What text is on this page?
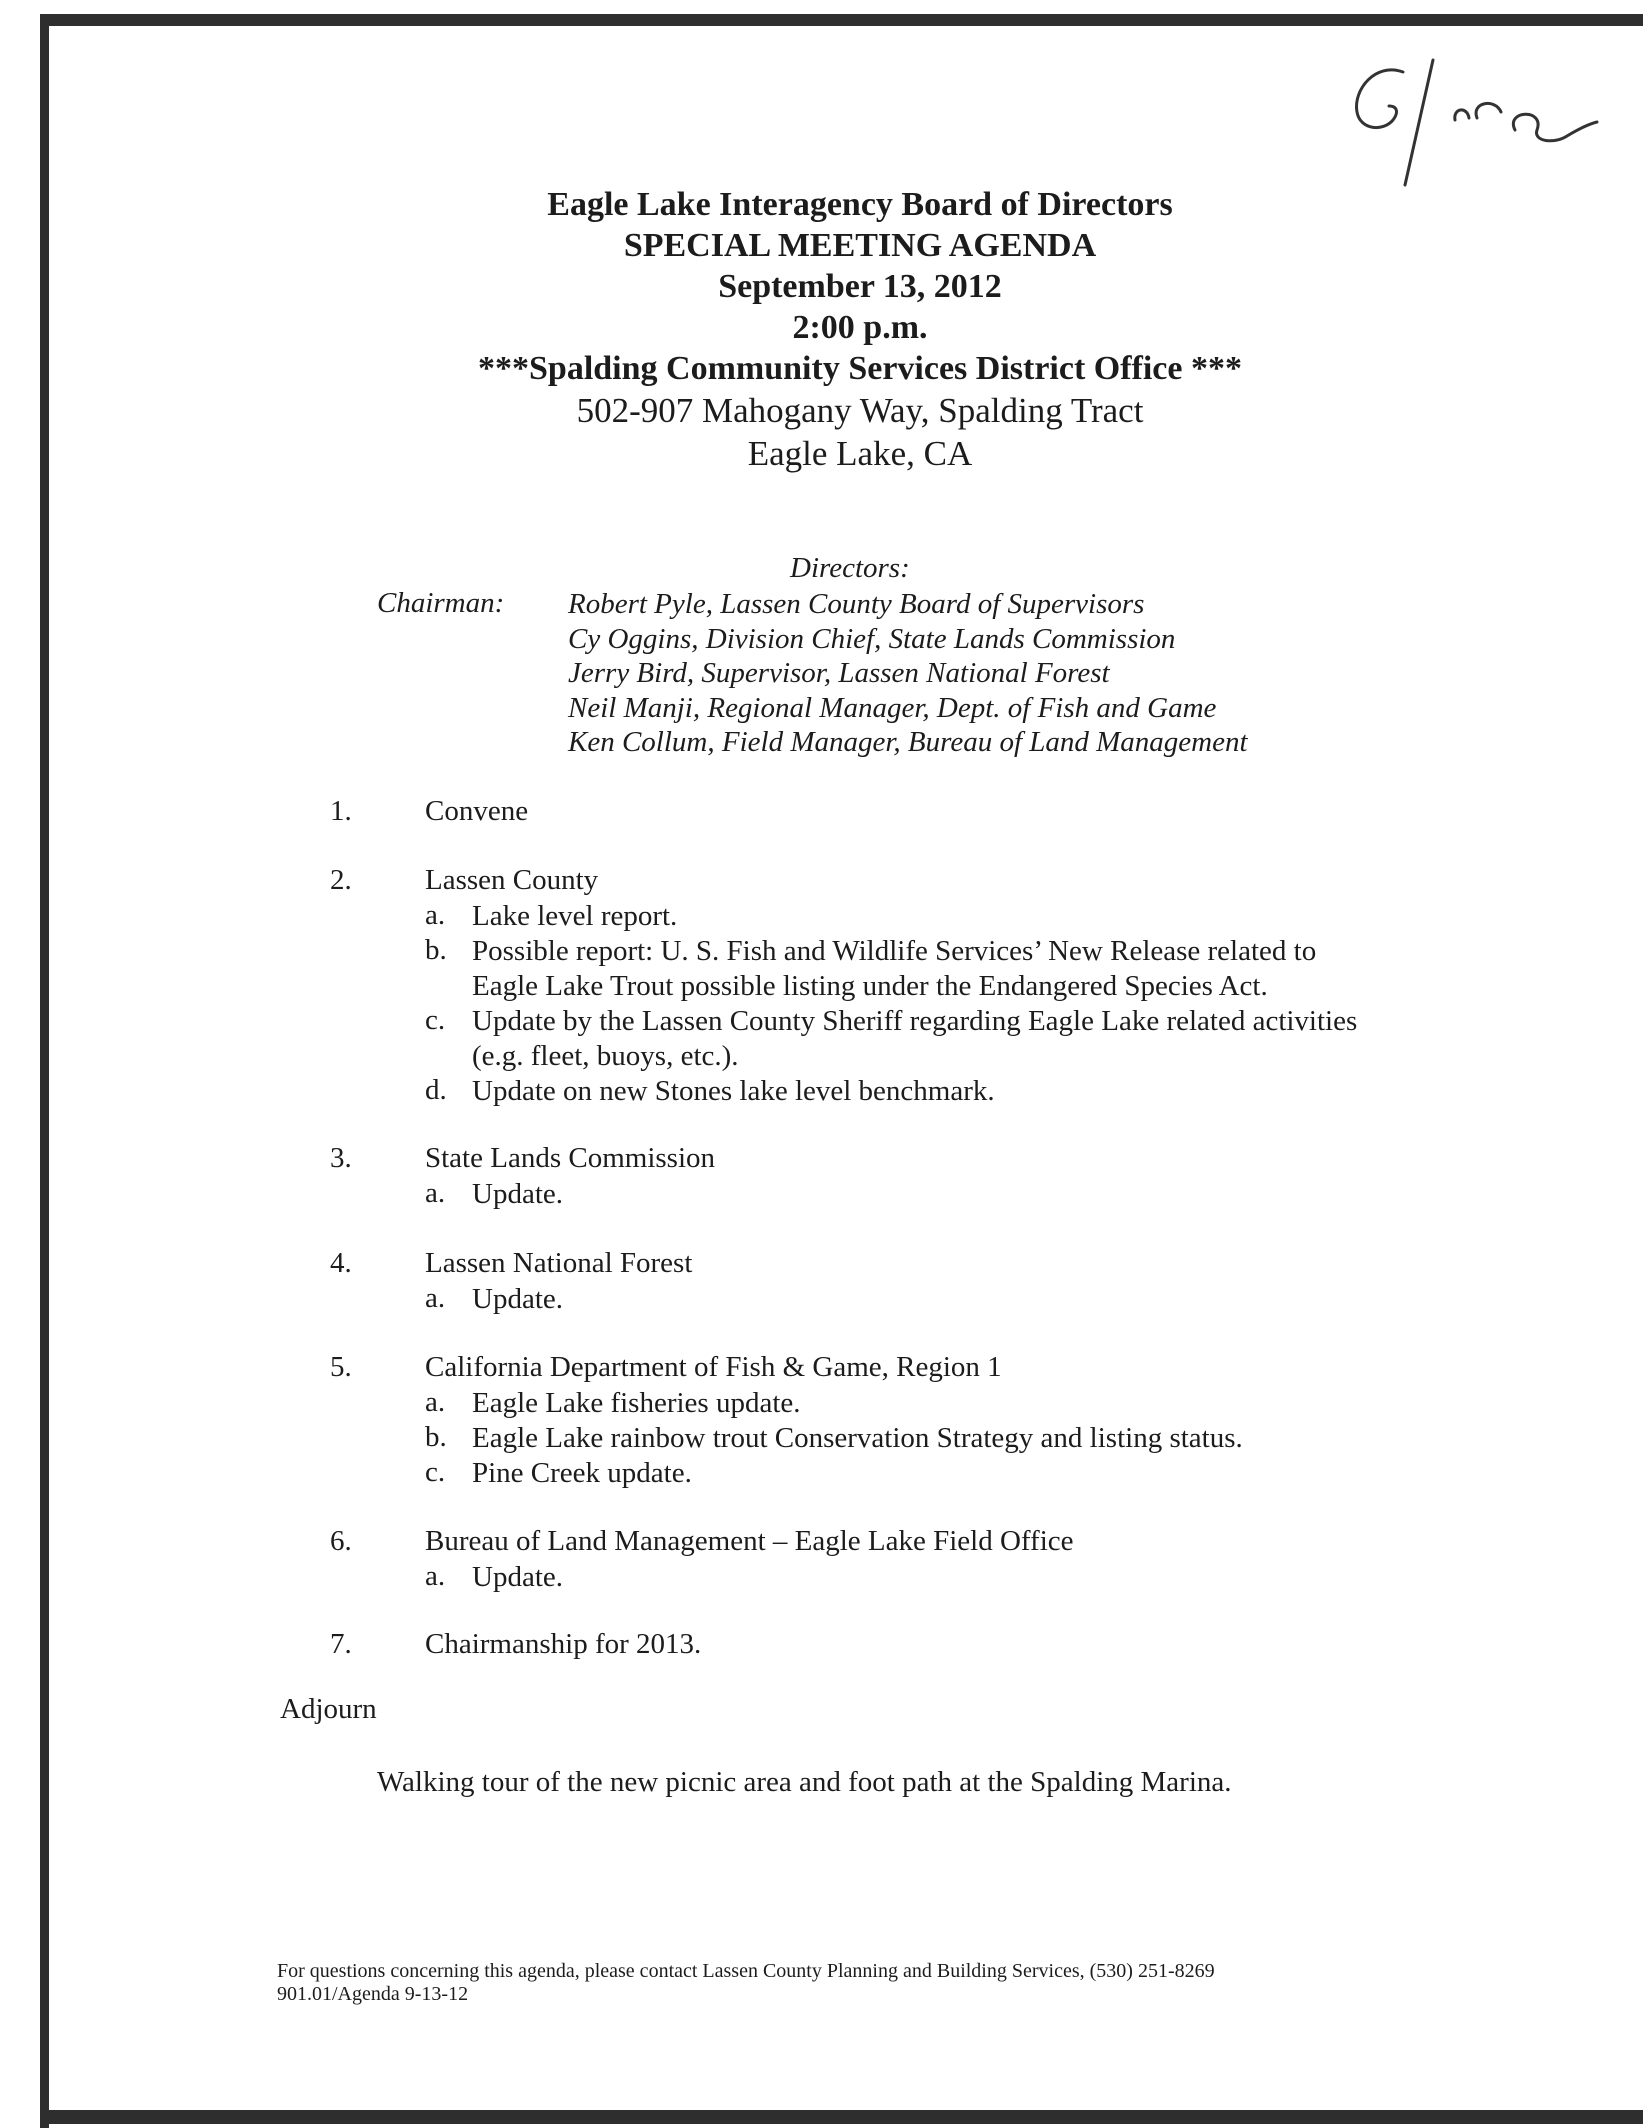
Eagle Lake Interagency Board of Directors
SPECIAL MEETING AGENDA
September 13, 2012
2:00 p.m.
***Spalding Community Services District Office ***
502-907 Mahogany Way, Spalding Tract
Eagle Lake, CA
Directors:
Chairman: Robert Pyle, Lassen County Board of Supervisors
Cy Oggins, Division Chief, State Lands Commission
Jerry Bird, Supervisor, Lassen National Forest
Neil Manji, Regional Manager, Dept. of Fish and Game
Ken Collum, Field Manager, Bureau of Land Management
1.	Convene
2.	Lassen County
a. Lake level report.
b. Possible report: U. S. Fish and Wildlife Services’ New Release related to
Eagle Lake Trout possible listing under the Endangered Species Act.
c. Update by the Lassen County Sheriff regarding Eagle Lake related activities
(e.g. fleet, buoys, etc.).
d. Update on new Stones lake level benchmark.
3.	State Lands Commission
a. Update.
4.	Lassen National Forest
a. Update.
5.	California Department of Fish & Game, Region 1
a. Eagle Lake fisheries update.
b. Eagle Lake rainbow trout Conservation Strategy and listing status.
c. Pine Creek update.
6.	Bureau of Land Management – Eagle Lake Field Office
a. Update.
7.	Chairmanship for 2013.
Adjourn
Walking tour of the new picnic area and foot path at the Spalding Marina.
For questions concerning this agenda, please contact Lassen County Planning and Building Services, (530) 251-8269
901.01/Agenda 9-13-12
